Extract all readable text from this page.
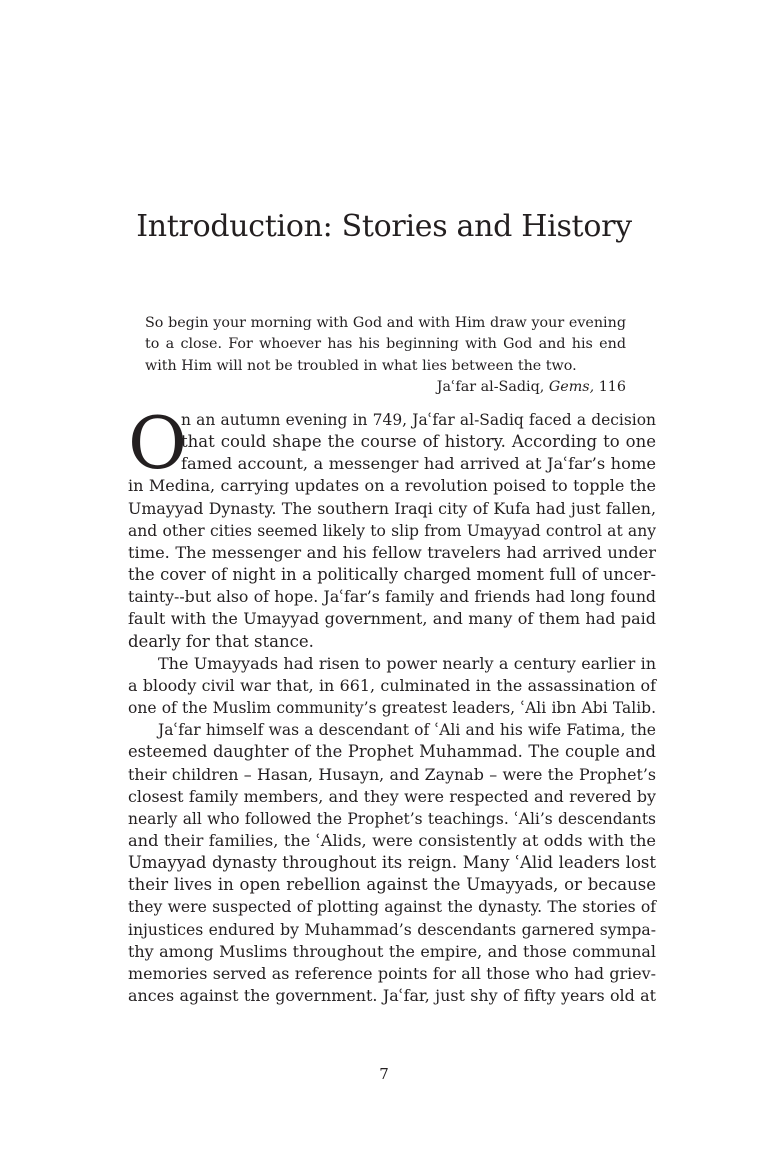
Introduction: Stories and History
So begin your morning with God and with Him draw your evening
to a close. For whoever has his beginning with God and his end
with Him will not be troubled in what lies between the two.
Jaʿfar al-Sadiq, Gems, 116
O

n an autumn evening in 749, Jaʿfar al-Sadiq faced a decision
that could shape the course of history. According to one
famed account, a messenger had arrived at Jaʿfar’s home
in Medina, carrying updates on a revolution poised to topple the
Umayyad Dynasty. The southern Iraqi city of Kufa had just fallen,
and other cities seemed likely to slip from Umayyad control at any
time. The messenger and his fellow travelers had arrived under
the cover of night in a politically charged moment full of uncer-
tainty--but also of hope. Jaʿfar’s family and friends had long found
fault with the Umayyad government, and many of them had paid
dearly for that stance.

The Umayyads had risen to power nearly a century earlier in
a bloody civil war that, in 661, culminated in the assassination of
one of the Muslim community’s greatest leaders, ʿAli ibn Abi Talib.

Jaʿfar himself was a descendant of ʿAli and his wife Fatima, the
esteemed daughter of the Prophet Muhammad. The couple and
their children – Hasan, Husayn, and Zaynab – were the Prophet’s
closest family members, and they were respected and revered by
nearly all who followed the Prophet’s teachings. ʿAli’s descendants
and their families, the ʿAlids, were consistently at odds with the
Umayyad dynasty throughout its reign. Many ʿAlid leaders lost
their lives in open rebellion against the Umayyads, or because
they were suspected of plotting against the dynasty. The stories of
injustices endured by Muhammad’s descendants garnered sympa-
thy among Muslims throughout the empire, and those communal
memories served as reference points for all those who had griev-
ances against the government. Jaʿfar, just shy of fifty years old at

7
